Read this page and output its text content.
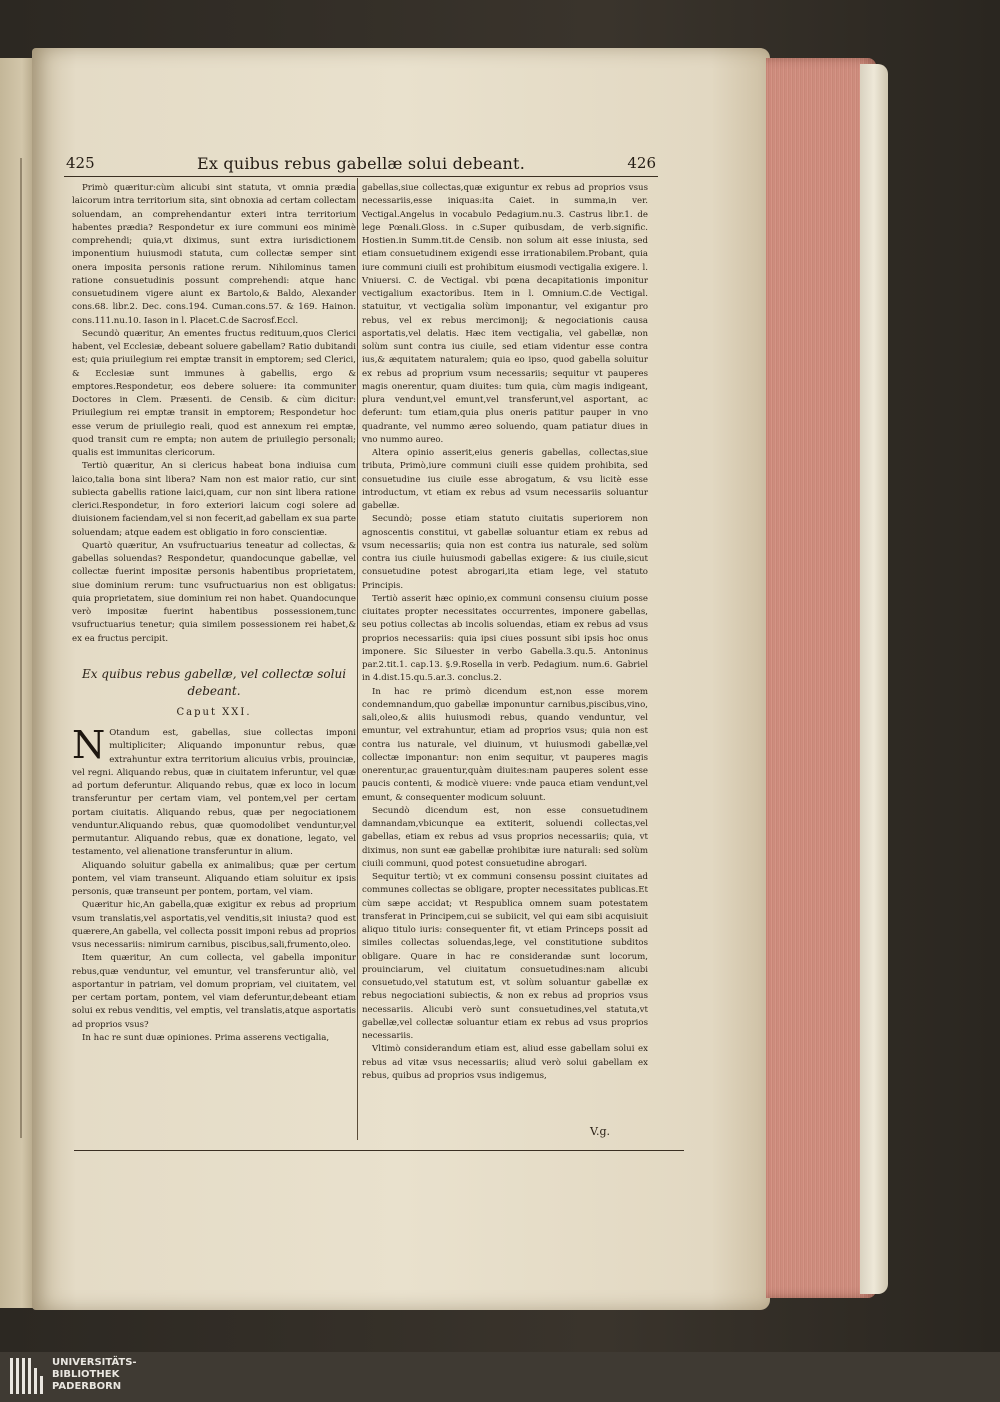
425	Ex quibus rebus gabellæ solui debeant.	426

Primò quæritur:cùm alicubi sint statuta, vt omnia prædia laicorum intra territorium sita, sint obnoxia ad certam collectam soluendam, an comprehendantur exteri intra territorium habentes prædia? Respondetur ex iure communi eos minimè comprehendi; quia,vt diximus, sunt extra iurisdictionem imponentium huiusmodi statuta, cum collectæ semper sint onera imposita personis ratione rerum. Nihilominus tamen ratione consuetudinis possunt comprehendi: atque hanc consuetudinem vigere aiunt ex Bartolo,& Baldo, Alexander cons.68. libr.2. Dec. cons.194. Cuman.cons.57. & 169. Hainon. cons.111.nu.10. Iason in l. Placet.C.de Sacrosf.Eccl.

Secundò quæritur, An ementes fructus redituum,quos Clerici habent, vel Ecclesiæ, debeant soluere gabellam? Ratio dubitandi est; quia priuilegium rei emptæ transit in emptorem; sed Clerici, & Ecclesiæ sunt immunes à gabellis, ergo & emptores.Respondetur, eos debere soluere: ita communiter Doctores in Clem. Præsenti. de Censib. & cùm dicitur: Priuilegium rei emptæ transit in emptorem; Respondetur hoc esse verum de priuilegio reali, quod est annexum rei emptæ, quod transit cum re empta; non autem de priuilegio personali; qualis est immunitas clericorum.

Tertiò quæritur, An si clericus habeat bona indiuisa cum laico,talia bona sint libera? Nam non est maior ratio, cur sint subiecta gabellis ratione laici,quam, cur non sint libera ratione clerici.Respondetur, in foro exteriori laicum cogi solere ad diuisionem faciendam,vel si non fecerit,ad gabellam ex sua parte soluendam; atque eadem est obligatio in foro conscientiæ.

Quartò quæritur, An vsufructuarius teneatur ad collectas, & gabellas soluendas? Respondetur, quandocunque gabellæ, vel collectæ fuerint impositæ personis habentibus proprietatem, siue dominium rerum: tunc vsufructuarius non est obligatus: quia proprietatem, siue dominium rei non habet. Quandocunque verò impositæ fuerint habentibus possessionem,tunc vsufructuarius tenetur; quia similem possessionem rei habet,& ex ea fructus percipit.

Ex quibus rebus gabellæ, vel collectæ solui debeant.
Caput XXI.

N Otandum est, gabellas, siue collectas imponi multipliciter; Aliquando imponuntur rebus, quæ extrahuntur extra territorium alicuius vrbis, prouinciæ, vel regni. Aliquando rebus, quæ in ciuitatem inferuntur, vel quæ ad portum deferuntur. Aliquando rebus, quæ ex loco in locum transferuntur per certam viam, vel pontem,vel per certam portam ciuitatis. Aliquando rebus, quæ per negociationem venduntur.Aliquando rebus, quæ quomodolibet venduntur,vel permutantur. Aliquando rebus, quæ ex donatione, legato, vel testamento, vel alienatione transferuntur in alium.

Aliquando soluitur gabella ex animalibus; quæ per certum pontem, vel viam transeunt. Aliquando etiam soluitur ex ipsis personis, quæ transeunt per pontem, portam, vel viam.

Quæritur hic,An gabella,quæ exigitur ex rebus ad proprium vsum translatis,vel asportatis,vel venditis,sit iniusta? quod est quærere,An gabella, vel collecta possit imponi rebus ad proprios vsus necessariis: nimirum carnibus, piscibus,sali,frumento,oleo.

Item quæritur, An cum collecta, vel gabella imponitur rebus,quæ venduntur, vel emuntur, vel transferuntur aliò, vel asportantur in patriam, vel domum propriam, vel ciuitatem, vel per certam portam, pontem, vel viam deferuntur,debeant etiam solui ex rebus venditis, vel emptis, vel translatis,atque asportatis ad proprios vsus?

In hac re sunt duæ opiniones. Prima asserens vectigalia,

gabellas,siue collectas,quæ exiguntur ex rebus ad proprios vsus necessariis,esse iniquas:ita Caiet. in summa,in ver. Vectigal.Angelus in vocabulo Pedagium.nu.3. Castrus libr.1. de lege Pœnali.Gloss. in c.Super quibusdam, de verb.signific. Hostien.in Summ.tit.de Censib. non solum ait esse iniusta, sed etiam consuetudinem exigendi esse irrationabilem.Probant, quia iure communi ciuili est prohibitum eiusmodi vectigalia exigere. l. Vniuersi. C. de Vectigal. vbi pœna decapitationis imponitur vectigalium exactoribus. Item in l. Omnium.C.de Vectigal. statuitur, vt vectigalia solùm imponantur, vel exigantur pro rebus, vel ex rebus mercimonij; & negociationis causa asportatis,vel delatis. Hæc item vectigalia, vel gabellæ, non solùm sunt contra ius ciuile, sed etiam videntur esse contra ius,& æquitatem naturalem; quia eo ipso, quod gabella soluitur ex rebus ad proprium vsum necessariis; sequitur vt pauperes magis onerentur, quam diuites: tum quia, cùm magis indigeant, plura vendunt,vel emunt,vel transferunt,vel asportant, ac deferunt: tum etiam,quia plus oneris patitur pauper in vno quadrante, vel nummo æreo soluendo, quam patiatur diues in vno nummo aureo.

Altera opinio asserit,eius generis gabellas, collectas,siue tributa, Primò,iure communi ciuili esse quidem prohibita, sed consuetudine ius ciuile esse abrogatum, & vsu licitè esse introductum, vt etiam ex rebus ad vsum necessariis soluantur gabellæ.

Secundò; posse etiam statuto ciuitatis superiorem non agnoscentis constitui, vt gabellæ soluantur etiam ex rebus ad vsum necessariis; quia non est contra ius naturale, sed solùm contra ius ciuile huiusmodi gabellas exigere: & ius ciuile,sicut consuetudine potest abrogari,ita etiam lege, vel statuto Principis.

Tertiò asserit hæc opinio,ex communi consensu ciuium posse ciuitates propter necessitates occurrentes, imponere gabellas, seu potius collectas ab incolis soluendas, etiam ex rebus ad vsus proprios necessariis: quia ipsi ciues possunt sibi ipsis hoc onus imponere. Sic Siluester in verbo Gabella.3.qu.5. Antoninus par.2.tit.1. cap.13. §.9.Rosella in verb. Pedagium. num.6. Gabriel in 4.dist.15.qu.5.ar.3. conclus.2.

In hac re primò dicendum est,non esse morem condemnandum,quo gabellæ imponuntur carnibus,piscibus,vino, sali,oleo,& aliis huiusmodi rebus, quando venduntur, vel emuntur, vel extrahuntur, etiam ad proprios vsus; quia non est contra ius naturale, vel diuinum, vt huiusmodi gabellæ,vel collectæ imponantur: non enim sequitur, vt pauperes magis onerentur,ac grauentur,quàm diuites:nam pauperes solent esse paucis contenti, & modicè viuere: vnde pauca etiam vendunt,vel emunt, & consequenter modicum soluunt.

Secundò dicendum est, non esse consuetudinem damnandam,vbicunque ea extiterit, soluendi collectas,vel gabellas, etiam ex rebus ad vsus proprios necessariis; quia, vt diximus, non sunt eæ gabellæ prohibitæ iure naturali: sed solùm ciuili communi, quod potest consuetudine abrogari.

Sequitur tertiò; vt ex communi consensu possint ciuitates ad communes collectas se obligare, propter necessitates publicas.Et cùm sæpe accidat; vt Respublica omnem suam potestatem transferat in Principem,cui se subiicit, vel qui eam sibi acquisiuit aliquo titulo iuris: consequenter fit, vt etiam Princeps possit ad similes collectas soluendas,lege, vel constitutione subditos obligare. Quare in hac re considerandæ sunt locorum, prouinciarum, vel ciuitatum consuetudines:nam alicubi consuetudo,vel statutum est, vt solùm soluantur gabellæ ex rebus negociationi subiectis, & non ex rebus ad proprios vsus necessariis. Alicubi verò sunt consuetudines,vel statuta,vt gabellæ,vel collectæ soluantur etiam ex rebus ad vsus proprios necessariis.

Vltimò considerandum etiam est, aliud esse gabellam solui ex rebus ad vitæ vsus necessariis; aliud verò solui gabellam ex rebus, quibus ad proprios vsus indigemus,

V.g.
UNIVERSITÄTS-
BIBLIOTHEK
PADERBORN
